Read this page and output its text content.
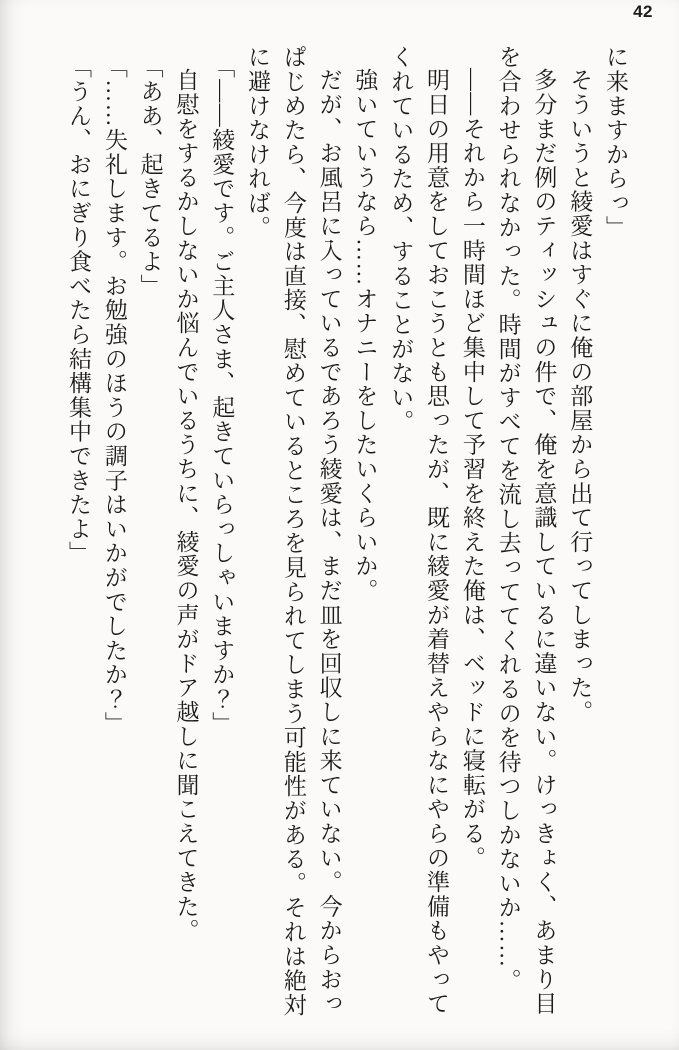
42

に来ますからっ」

そういうと綾愛はすぐに俺の部屋から出て行ってしまった。

多分まだ例のティッシュの件で、俺を意識しているに違いない。けっきょく、あまり目

を合わせられなかった。時間がすべてを流し去っててくれるのを待つしかないか……。

――それから一時間ほど集中して予習を終えた俺は、ベッドに寝転がる。

明日の用意をしておこうとも思ったが、既に綾愛が着替えやらなにやらの準備もやって

くれているため、することがない。

強いていうなら……オナニーをしたいくらいか。

だが、お風呂に入っているであろう綾愛は、まだ皿を回収しに来ていない。今からおっ

ぱじめたら、今度は直接、慰めているところを見られてしまう可能性がある。それは絶対

に避けなければ。

「――綾愛です。ご主人さま、起きていらっしゃいますか？」

自慰をするかしないか悩んでいるうちに、綾愛の声がドア越しに聞こえてきた。

「ああ、起きてるよ」

「……失礼します。お勉強のほうの調子はいかがでしたか？」

「うん、おにぎり食べたら結構集中できたよ」
